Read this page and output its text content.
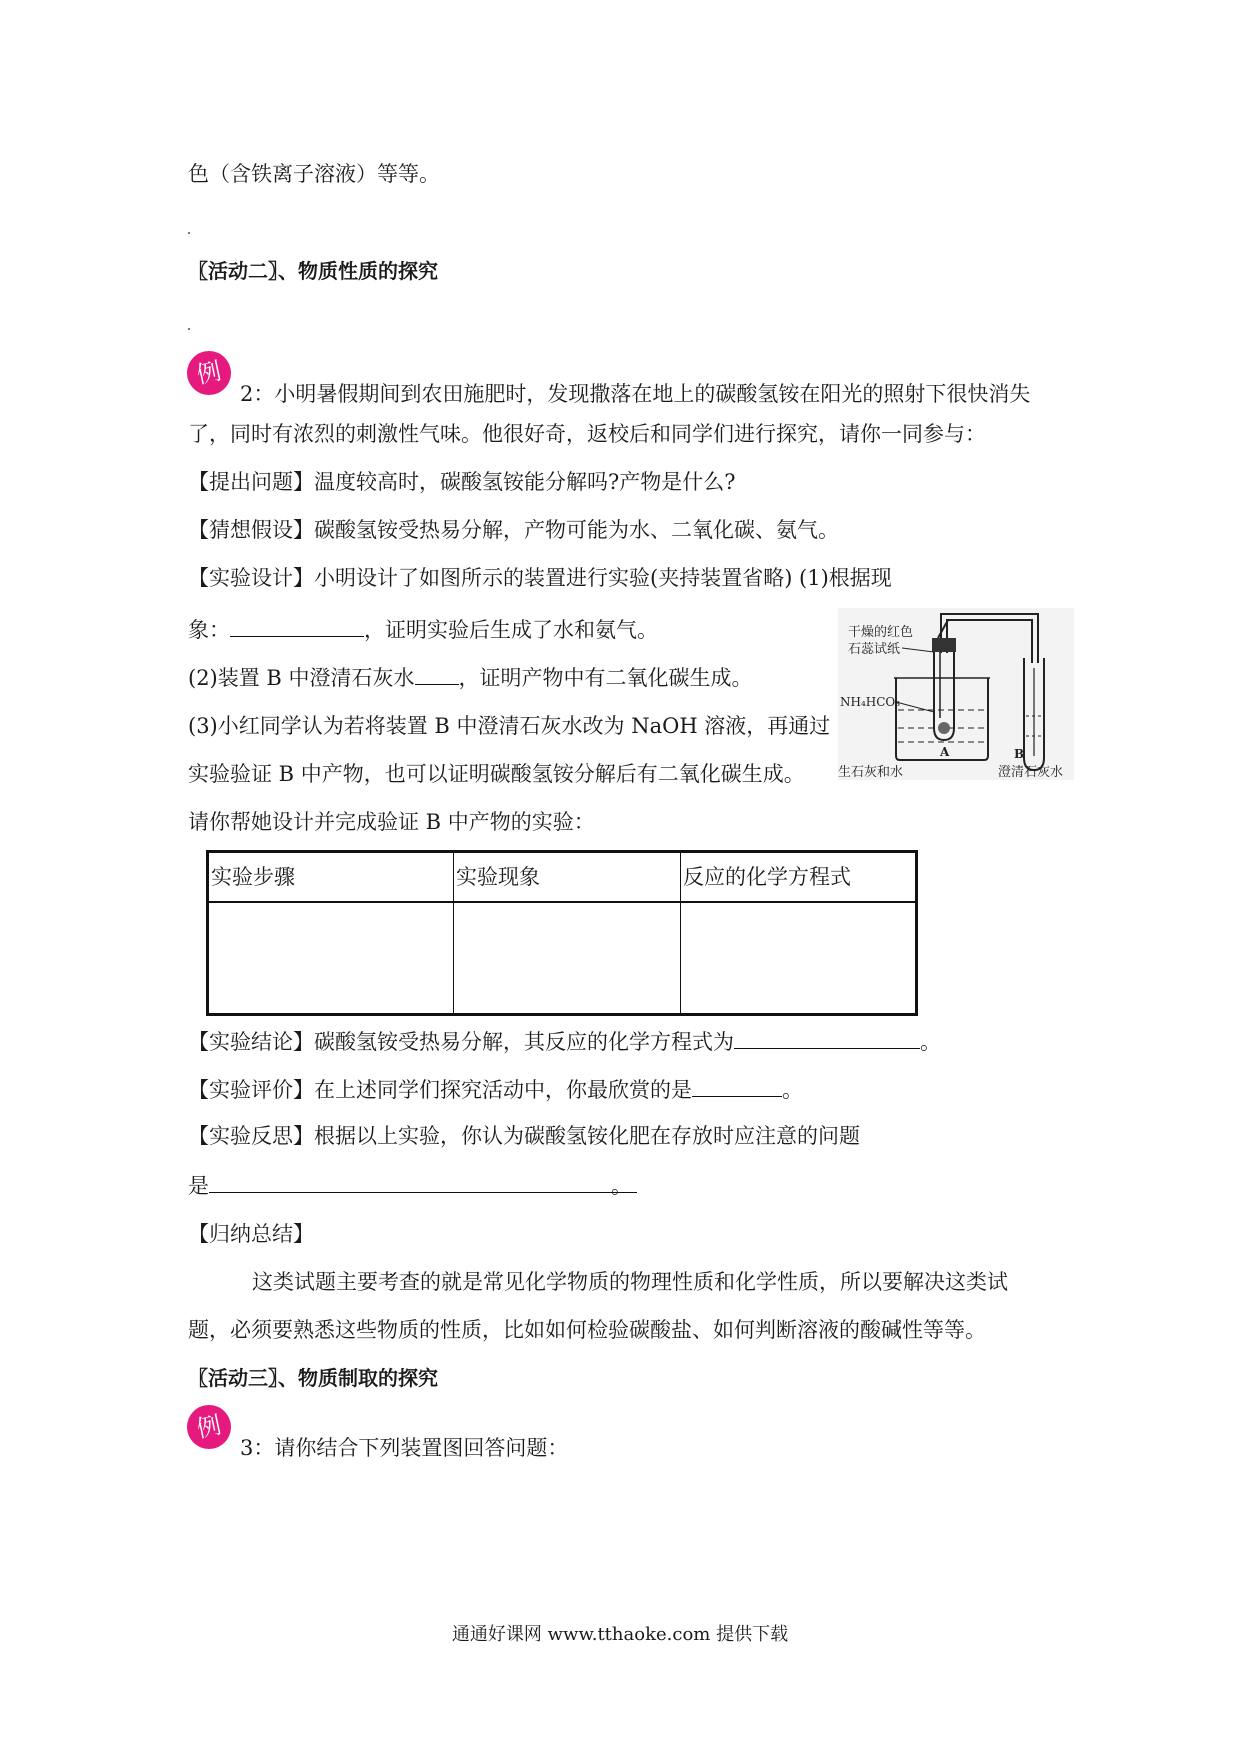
色（含铁离子溶液）等等。
〖活动二〗、物质性质的探究
例
2：小明暑假期间到农田施肥时，发现撒落在地上的碳酸氢铵在阳光的照射下很快消失
了，同时有浓烈的刺激性气味。他很好奇，返校后和同学们进行探究，请你一同参与：
【提出问题】温度较高时，碳酸氢铵能分解吗?产物是什么?
【猜想假设】碳酸氢铵受热易分解，产物可能为水、二氧化碳、氨气。
【实验设计】小明设计了如图所示的装置进行实验(夹持装置省略) (1)根据现
象：	，证明实验后生成了水和氨气。
(2)装置 B 中澄清石灰水 ，证明产物中有二氧化碳生成。
(3)小红同学认为若将装置 B 中澄清石灰水改为 NaOH 溶液，再通过
实验验证 B 中产物，也可以证明碳酸氢铵分解后有二氧化碳生成。
请你帮她设计并完成验证 B 中产物的实验：
干燥的红色
石蕊试纸
NH₄HCO₃
A	B
生石灰和水	澄清石灰水
实验步骤	实验现象	反应的化学方程式

【实验结论】碳酸氢铵受热易分解，其反应的化学方程式为	。
【实验评价】在上述同学们探究活动中，你最欣赏的是	。
【实验反思】根据以上实验，你认为碳酸氢铵化肥在存放时应注意的问题
是	。
【归纳总结】
这类试题主要考查的就是常见化学物质的物理性质和化学性质，所以要解决这类试
题，必须要熟悉这些物质的性质，比如如何检验碳酸盐、如何判断溶液的酸碱性等等。
〖活动三〗、物质制取的探究
例
3：请你结合下列装置图回答问题：
通通好课网 www.tthaoke.com 提供下载
